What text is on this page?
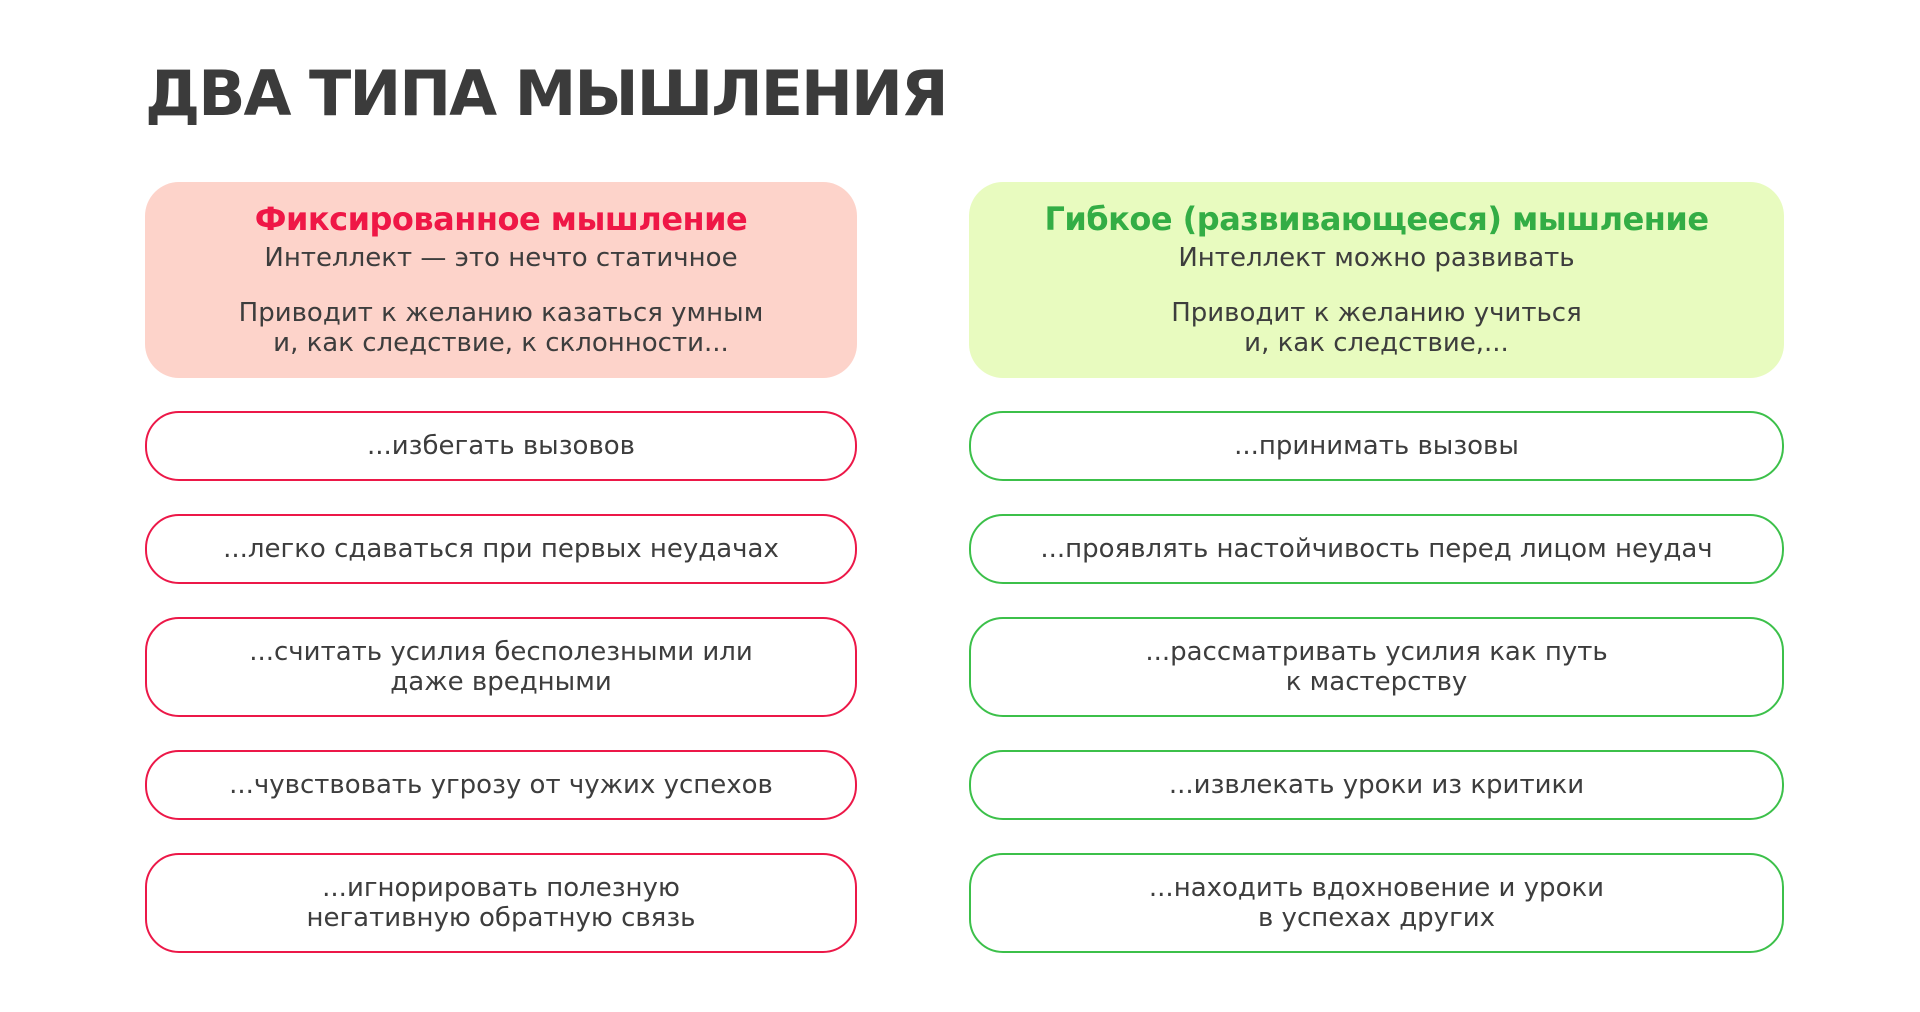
ДВА ТИПА МЫШЛЕНИЯ

Фиксированное мышление

Интеллект — это нечто статичное

Приводит к желанию казаться умным
и, как следствие, к склонности...

...избегать вызовов
...легко сдаваться при первых неудачах
...считать усилия бесполезными или
даже вредными
...чувствовать угрозу от чужих успехов
...игнорировать полезную
негативную обратную связь

Гибкое (развивающееся) мышление

Интеллект можно развивать

Приводит к желанию учиться
и, как следствие,...

...принимать вызовы
...проявлять настойчивость перед лицом неудач
...рассматривать усилия как путь
к мастерству
...извлекать уроки из критики
...находить вдохновение и уроки
в успехах других
